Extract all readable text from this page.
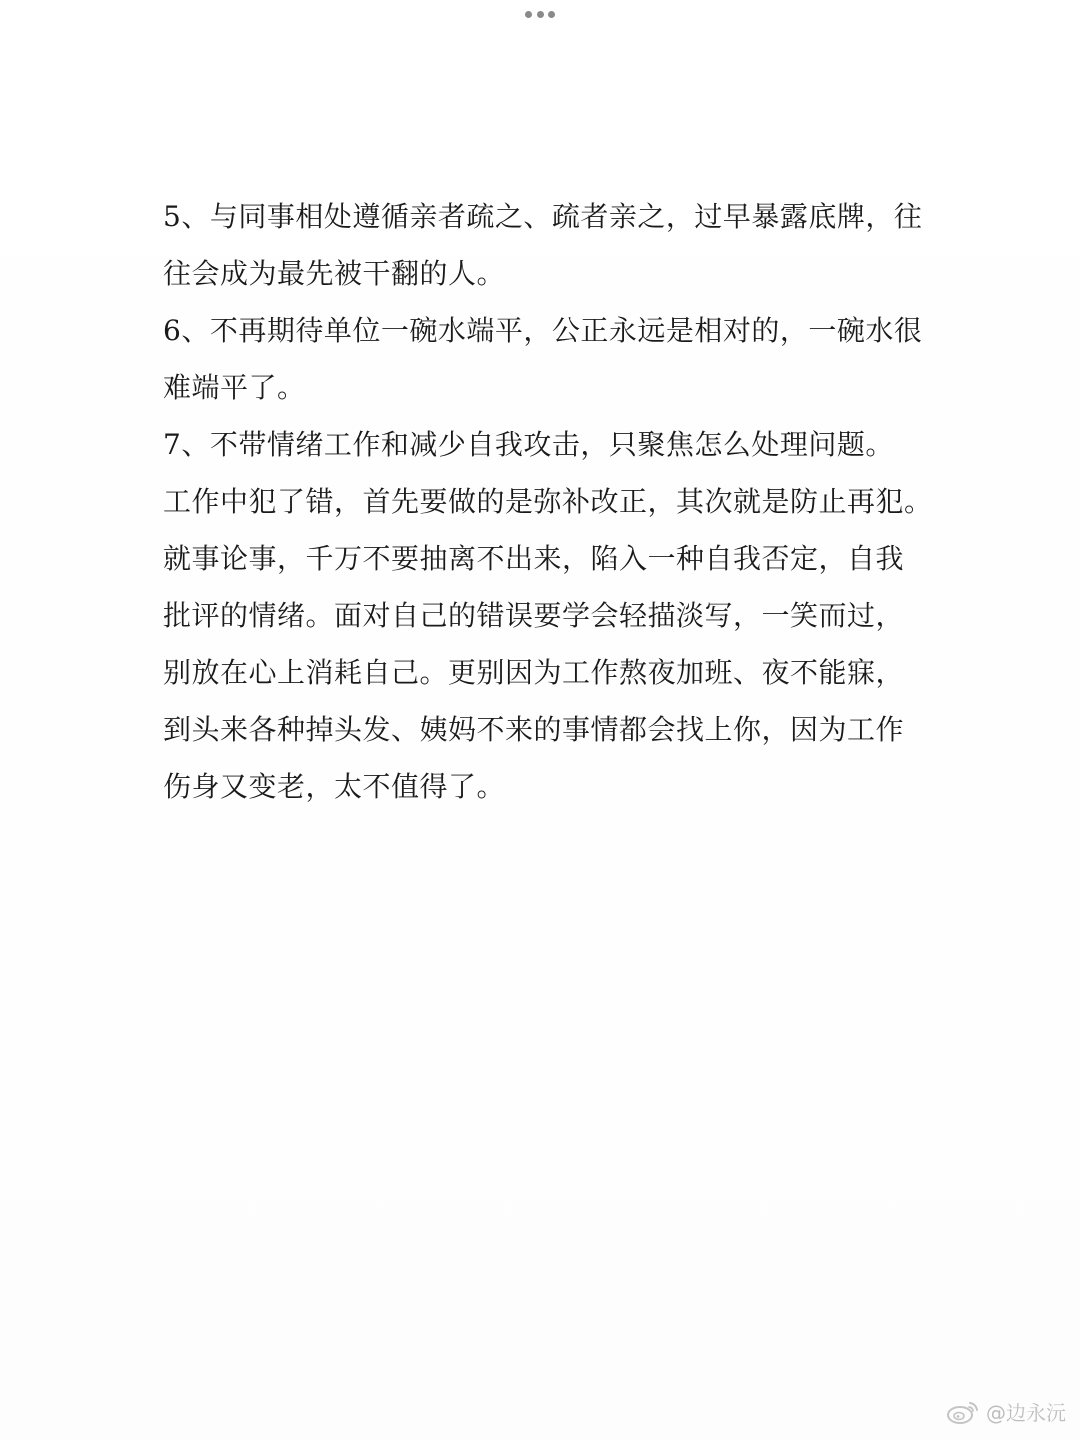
5、与同事相处遵循亲者疏之、疏者亲之，过早暴露底牌，往
往会成为最先被干翻的人。
6、不再期待单位一碗水端平，公正永远是相对的，一碗水很
难端平了。
7、不带情绪工作和减少自我攻击，只聚焦怎么处理问题。
工作中犯了错，首先要做的是弥补改正，其次就是防止再犯。
就事论事，千万不要抽离不出来，陷入一种自我否定，自我
批评的情绪。面对自己的错误要学会轻描淡写，一笑而过，
别放在心上消耗自己。更别因为工作熬夜加班、夜不能寐，
到头来各种掉头发、姨妈不来的事情都会找上你，因为工作
伤身又变老，太不值得了。
@边永沅
